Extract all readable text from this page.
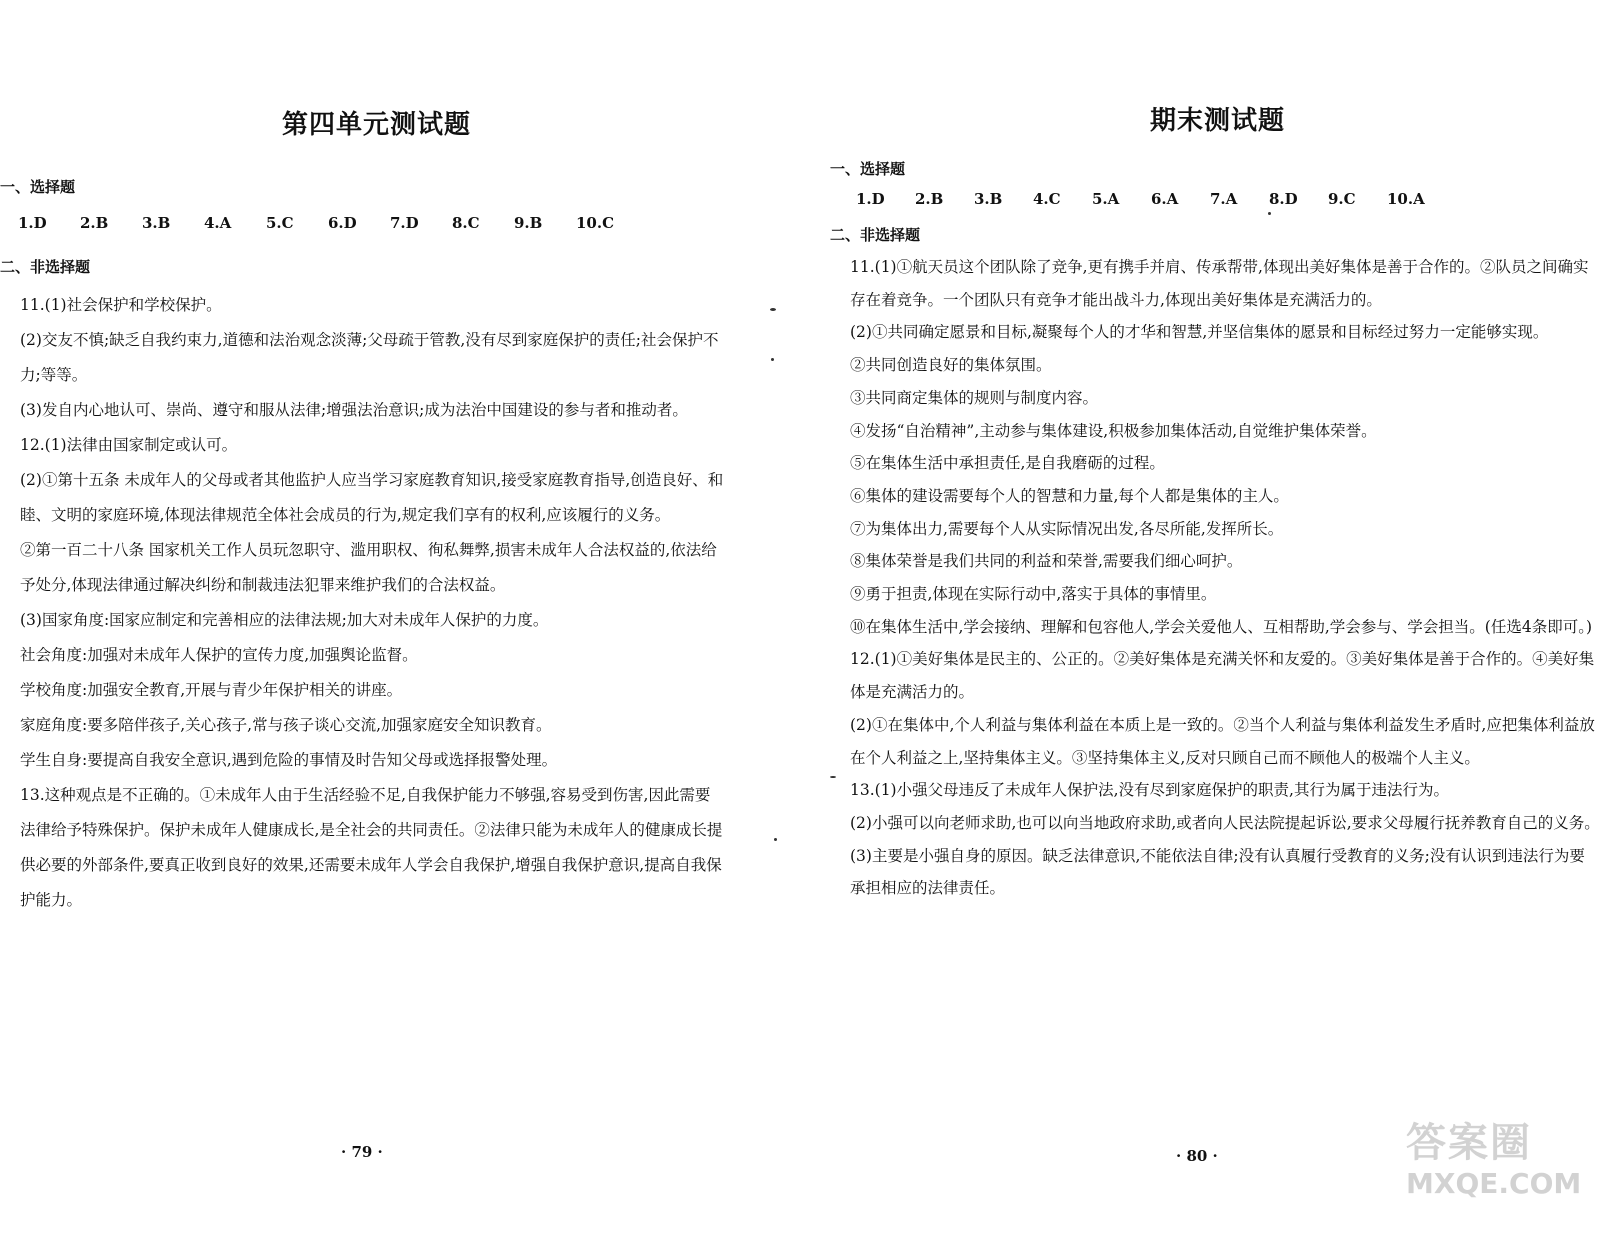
第四单元测试题
一、选择题
1.D	2.B	3.B	4.A	5.C	6.D	7.D	8.C	9.B	10.C
二、非选择题

11.(1)社会保护和学校保护。

(2)交友不慎;缺乏自我约束力,道德和法治观念淡薄;父母疏于管教,没有尽到家庭保护的责任;社会保护不力;等等。

(3)发自内心地认可、崇尚、遵守和服从法律;增强法治意识;成为法治中国建设的参与者和推动者。

12.(1)法律由国家制定或认可。

(2)①第十五条 未成年人的父母或者其他监护人应当学习家庭教育知识,接受家庭教育指导,创造良好、和睦、文明的家庭环境,体现法律规范全体社会成员的行为,规定我们享有的权利,应该履行的义务。

②第一百二十八条 国家机关工作人员玩忽职守、滥用职权、徇私舞弊,损害未成年人合法权益的,依法给予处分,体现法律通过解决纠纷和制裁违法犯罪来维护我们的合法权益。

(3)国家角度:国家应制定和完善相应的法律法规;加大对未成年人保护的力度。

社会角度:加强对未成年人保护的宣传力度,加强舆论监督。

学校角度:加强安全教育,开展与青少年保护相关的讲座。

家庭角度:要多陪伴孩子,关心孩子,常与孩子谈心交流,加强家庭安全知识教育。

学生自身:要提高自我安全意识,遇到危险的事情及时告知父母或选择报警处理。

13.这种观点是不正确的。①未成年人由于生活经验不足,自我保护能力不够强,容易受到伤害,因此需要法律给予特殊保护。保护未成年人健康成长,是全社会的共同责任。②法律只能为未成年人的健康成长提供必要的外部条件,要真正收到良好的效果,还需要未成年人学会自我保护,增强自我保护意识,提高自我保护能力。

· 79 ·
期末测试题
一、选择题
1.D	2.B	3.B	4.C	5.A	6.A	7.A	8.D	9.C	10.A
二、非选择题

11.(1)①航天员这个团队除了竞争,更有携手并肩、传承帮带,体现出美好集体是善于合作的。②队员之间确实存在着竞争。一个团队只有竞争才能出战斗力,体现出美好集体是充满活力的。

(2)①共同确定愿景和目标,凝聚每个人的才华和智慧,并坚信集体的愿景和目标经过努力一定能够实现。

②共同创造良好的集体氛围。

③共同商定集体的规则与制度内容。

④发扬“自治精神”,主动参与集体建设,积极参加集体活动,自觉维护集体荣誉。

⑤在集体生活中承担责任,是自我磨砺的过程。

⑥集体的建设需要每个人的智慧和力量,每个人都是集体的主人。

⑦为集体出力,需要每个人从实际情况出发,各尽所能,发挥所长。

⑧集体荣誉是我们共同的利益和荣誉,需要我们细心呵护。

⑨勇于担责,体现在实际行动中,落实于具体的事情里。

⑩在集体生活中,学会接纳、理解和包容他人,学会关爱他人、互相帮助,学会参与、学会担当。(任选4条即可。)

12.(1)①美好集体是民主的、公正的。②美好集体是充满关怀和友爱的。③美好集体是善于合作的。④美好集体是充满活力的。

(2)①在集体中,个人利益与集体利益在本质上是一致的。②当个人利益与集体利益发生矛盾时,应把集体利益放在个人利益之上,坚持集体主义。③坚持集体主义,反对只顾自己而不顾他人的极端个人主义。

13.(1)小强父母违反了未成年人保护法,没有尽到家庭保护的职责,其行为属于违法行为。

(2)小强可以向老师求助,也可以向当地政府求助,或者向人民法院提起诉讼,要求父母履行抚养教育自己的义务。

(3)主要是小强自身的原因。缺乏法律意识,不能依法自律;没有认真履行受教育的义务;没有认识到违法行为要承担相应的法律责任。

· 80 ·	答案圈
MXQE.COM
